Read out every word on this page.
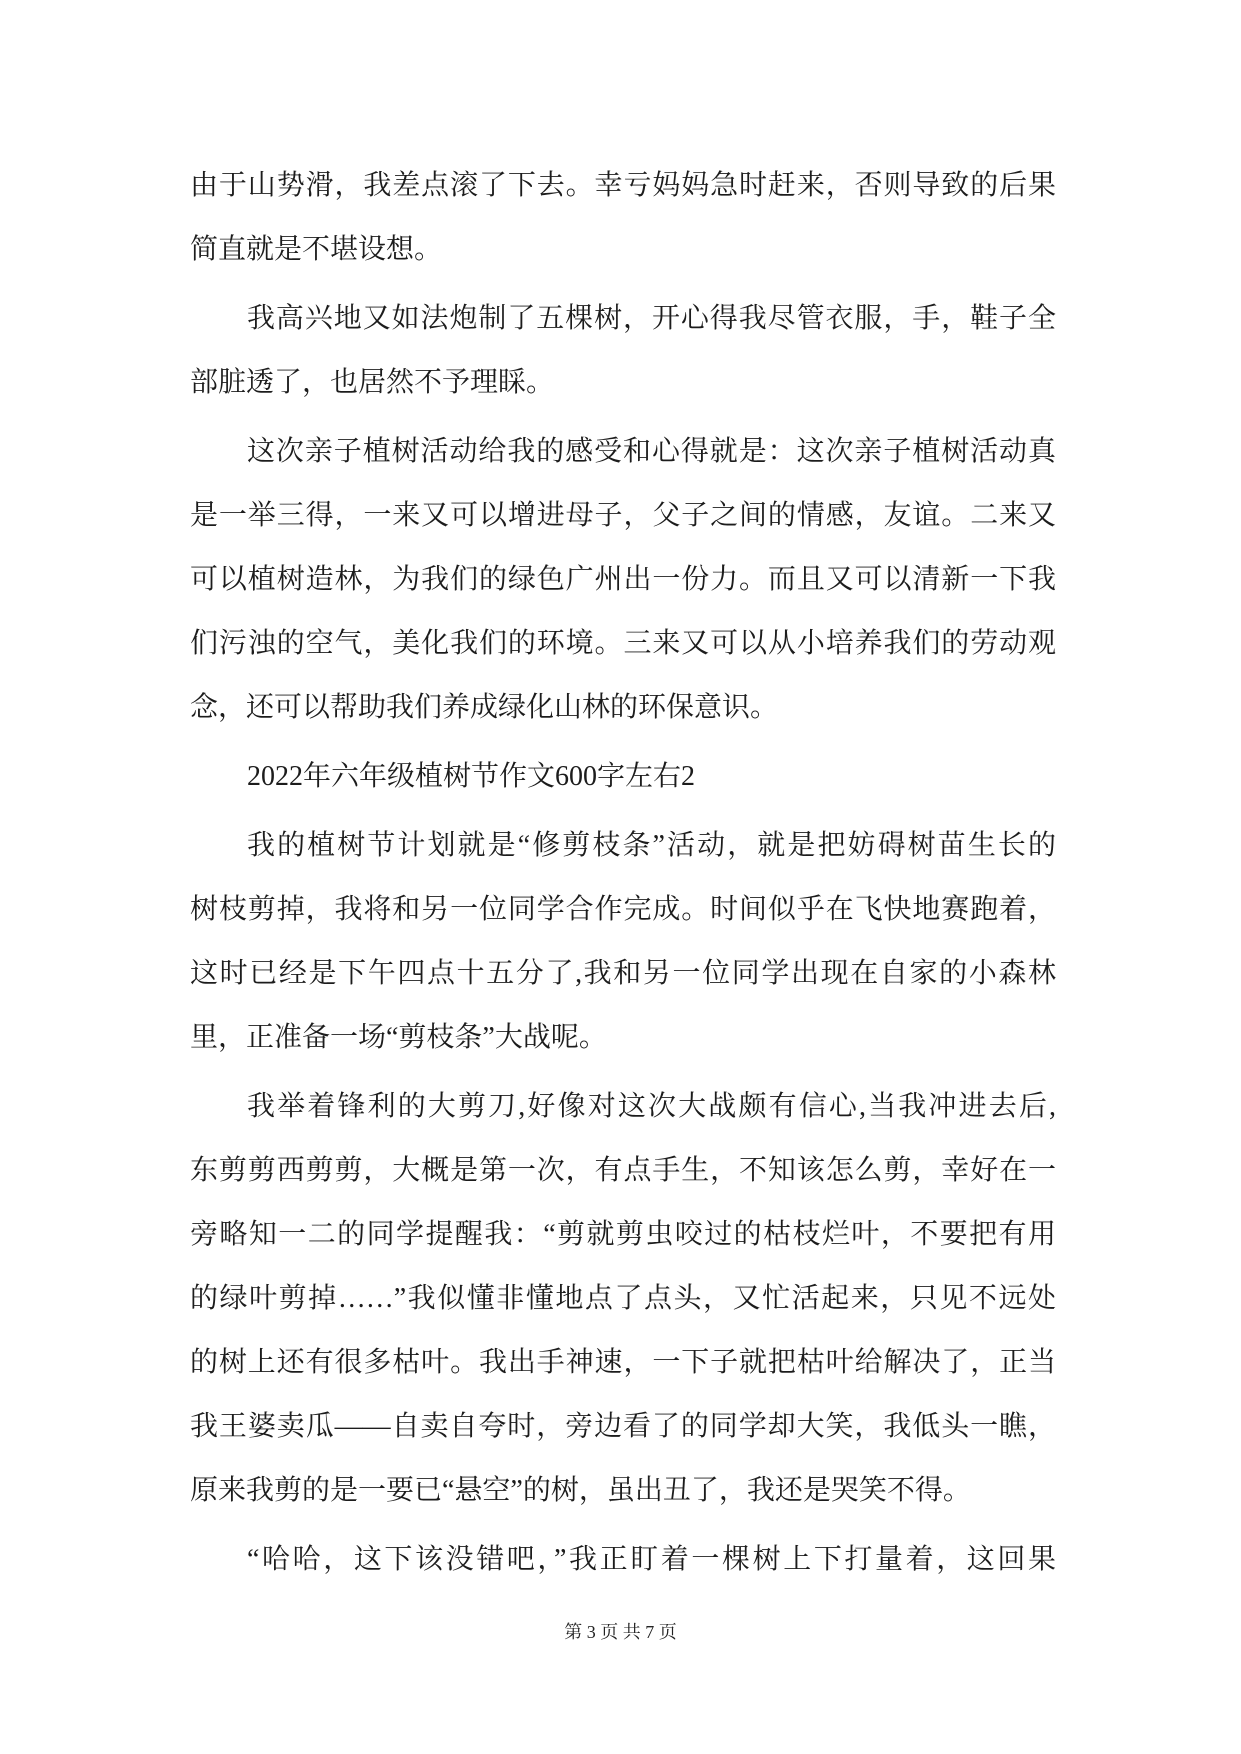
由于山势滑，我差点滚了下去。幸亏妈妈急时赶来，否则导致的后果
简直就是不堪设想。
我高兴地又如法炮制了五棵树，开心得我尽管衣服，手，鞋子全
部脏透了，也居然不予理睬。
这次亲子植树活动给我的感受和心得就是：这次亲子植树活动真
是一举三得，一来又可以增进母子，父子之间的情感，友谊。二来又
可以植树造林，为我们的绿色广州出一份力。而且又可以清新一下我
们污浊的空气，美化我们的环境。三来又可以从小培养我们的劳动观
念，还可以帮助我们养成绿化山林的环保意识。
2022年六年级植树节作文600字左右2
我的植树节计划就是“修剪枝条”活动，就是把妨碍树苗生长的
树枝剪掉，我将和另一位同学合作完成。时间似乎在飞快地赛跑着，
这时已经是下午四点十五分了,我和另一位同学出现在自家的小森林
里，正准备一场“剪枝条”大战呢。
我举着锋利的大剪刀,好像对这次大战颇有信心,当我冲进去后,
东剪剪西剪剪，大概是第一次，有点手生，不知该怎么剪，幸好在一
旁略知一二的同学提醒我：“剪就剪虫咬过的枯枝烂叶，不要把有用
的绿叶剪掉……”我似懂非懂地点了点头，又忙活起来，只见不远处
的树上还有很多枯叶。我出手神速，一下子就把枯叶给解决了，正当
我王婆卖瓜——自卖自夸时，旁边看了的同学却大笑，我低头一瞧，
原来我剪的是一要已“悬空”的树，虽出丑了，我还是哭笑不得。
“哈哈，这下该没错吧，”我正盯着一棵树上下打量着，这回果
第 3 页 共 7 页
